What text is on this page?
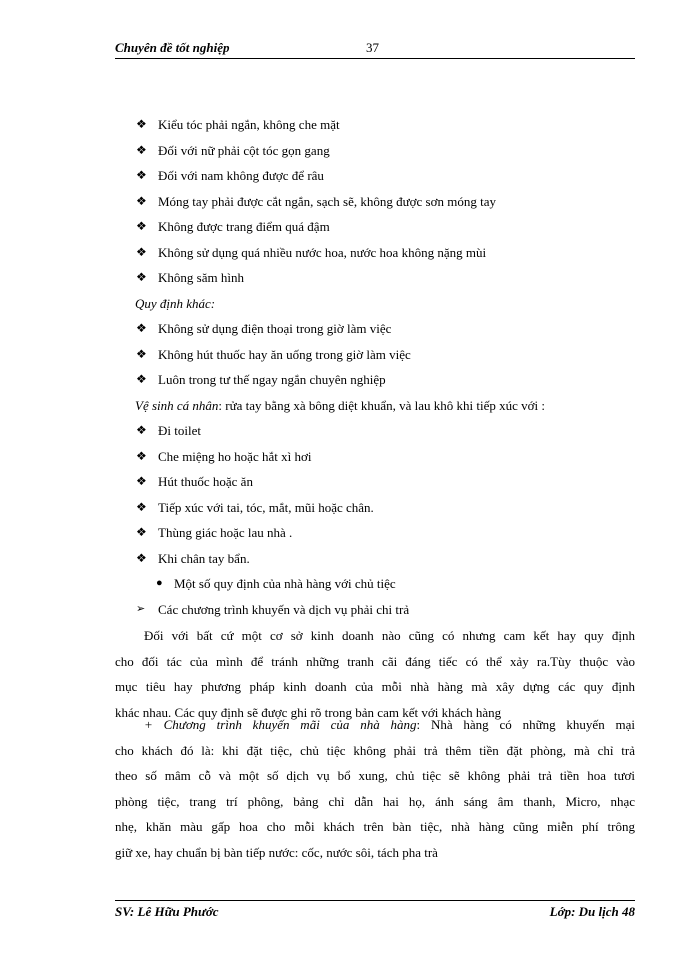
Chuyên đề tốt nghiệp	37
❖ Kiểu tóc phải ngắn, không che mặt
❖ Đối với nữ phải cột tóc gọn gang
❖ Đối với nam không được để râu
❖ Móng tay phải được cắt ngắn, sạch sẽ, không được sơn móng tay
❖ Không được trang điểm quá đậm
❖ Không sử dụng quá nhiều nước hoa, nước hoa không nặng mùi
❖ Không săm hình
Quy định khác:
❖ Không sử dụng điện thoại trong giờ làm việc
❖ Không hút thuốc hay ăn uống trong giờ làm việc
❖ Luôn trong tư thế ngay ngắn chuyên nghiệp
Vệ sinh cá nhân: rửa tay bằng xà bông diệt khuẩn, và lau khô khi tiếp xúc với :
❖ Đi toilet
❖ Che miệng ho hoặc hắt xì hơi
❖ Hút thuốc hoặc ăn
❖ Tiếp xúc với tai, tóc, mắt, mũi hoặc chân.
❖ Thùng giác hoặc lau nhà .
❖ Khi chân tay bẩn.
● Một số quy định của nhà hàng với chủ tiệc
➢ Các chương trình khuyến và dịch vụ phải chi trả
Đối với bất cứ một cơ sở kinh doanh nào cũng có nhưng cam kết hay quy định
cho đối tác của mình để tránh những tranh cãi đáng tiếc có thể xảy ra.Tùy thuộc vào
mục tiêu hay phương pháp kinh doanh của mỗi nhà hàng mà xây dựng các quy định
khác nhau. Các quy định sẽ được ghi rõ trong bản cam kết với khách hàng
+ Chương trình khuyến mãi của nhà hàng: Nhà hàng có những khuyến mại
cho khách đó là: khi đặt tiệc, chủ tiệc không phải trả thêm tiền đặt phòng, mà chỉ trả
theo số mâm cỗ và một số dịch vụ bổ xung, chủ tiệc sẽ không phải trả tiền hoa tươi
phòng tiệc, trang trí phông, bảng chỉ dẫn hai họ, ánh sáng âm thanh, Micro, nhạc
nhẹ, khăn màu gấp hoa cho mỗi khách trên bàn tiệc, nhà hàng cũng miễn phí trông
giữ xe, hay chuẩn bị bàn tiếp nước: cốc, nước sôi, tách pha trà
SV: Lê Hữu Phước	Lớp: Du lịch 48
